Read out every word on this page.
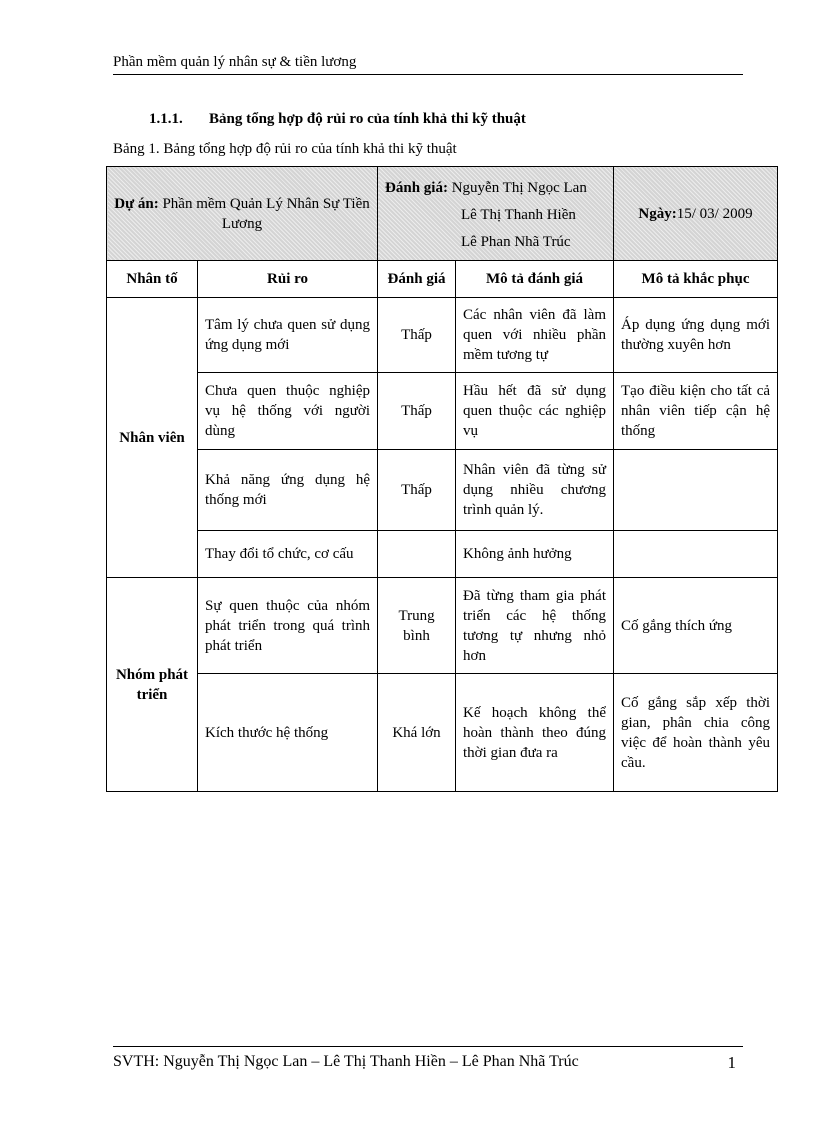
Phần mềm quản lý nhân sự & tiền lương
1.1.1. Bảng tổng hợp độ rủi ro của tính khả thi kỹ thuật
Bảng 1. Bảng tổng hợp độ rủi ro của tính khả thi kỹ thuật
Dự án: Phần mềm Quản Lý Nhân Sự Tiền Lương		Đánh giá: Nguyễn Thị Ngọc Lan
Lê Thị Thanh Hiền
Lê Phan Nhã Trúc		Ngày:15/ 03/ 2009
Nhân tố	Rủi ro	Đánh giá	Mô tả đánh giá	Mô tả khắc phục
Nhân viên	Tâm lý chưa quen sử dụng ứng dụng mới	Thấp	Các nhân viên đã làm quen với nhiều phần mềm tương tự	Áp dụng ứng dụng mới thường xuyên hơn
	Chưa quen thuộc nghiệp vụ hệ thống với người dùng	Thấp	Hầu hết đã sử dụng quen thuộc các nghiệp vụ	Tạo điều kiện cho tất cả nhân viên tiếp cận hệ thống
	Khả năng ứng dụng hệ thống mới	Thấp	Nhân viên đã từng sử dụng nhiều chương trình quản lý.	
	Thay đổi tổ chức, cơ cấu		Không ảnh hưởng	
Nhóm phát triển	Sự quen thuộc của nhóm phát triển trong quá trình phát triển	Trung bình	Đã từng tham gia phát triển các hệ thống tương tự nhưng nhỏ hơn	Cố gắng thích ứng
	Kích thước hệ thống	Khá lớn	Kế hoạch không thể hoàn thành theo đúng thời gian đưa ra	Cố gắng sắp xếp thời gian, phân chia công việc để hoàn thành yêu cầu.
SVTH: Nguyễn Thị Ngọc Lan – Lê Thị Thanh Hiền – Lê Phan Nhã Trúc	1
